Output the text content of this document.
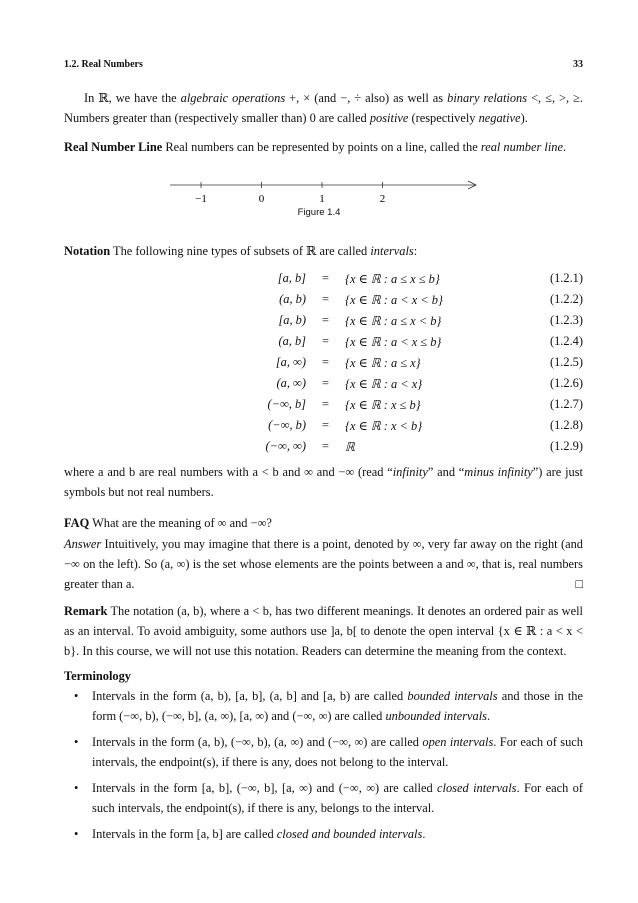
1.2. Real Numbers	33

In ℝ, we have the algebraic operations +, × (and −, ÷ also) as well as binary relations <, ≤, >, ≥. Numbers greater than (respectively smaller than) 0 are called positive (respectively negative).

Real Number Line Real numbers can be represented by points on a line, called the real number line.

−1	0	1	2
Figure 1.4

Notation The following nine types of subsets of ℝ are called intervals:

[a, b] = {x ∈ ℝ : a ≤ x ≤ b}	(1.2.1)
(a, b) = {x ∈ ℝ : a < x < b}	(1.2.2)
[a, b) = {x ∈ ℝ : a ≤ x < b}	(1.2.3)
(a, b] = {x ∈ ℝ : a < x ≤ b}	(1.2.4)
[a, ∞) = {x ∈ ℝ : a ≤ x}	(1.2.5)
(a, ∞) = {x ∈ ℝ : a < x}	(1.2.6)
(−∞, b] = {x ∈ ℝ : x ≤ b}	(1.2.7)
(−∞, b) = {x ∈ ℝ : x < b}	(1.2.8)
(−∞, ∞) = ℝ	(1.2.9)

where a and b are real numbers with a < b and ∞ and −∞ (read “infinity” and “minus infinity”) are just symbols but not real numbers.

FAQ What are the meaning of ∞ and −∞?

Answer Intuitively, you may imagine that there is a point, denoted by ∞, very far away on the right (and −∞ on the left). So (a, ∞) is the set whose elements are the points between a and ∞, that is, real numbers greater than a.	□

Remark The notation (a, b), where a < b, has two different meanings. It denotes an ordered pair as well as an interval. To avoid ambiguity, some authors use ]a, b[ to denote the open interval {x ∈ ℝ : a < x < b}. In this course, we will not use this notation. Readers can determine the meaning from the context.

Terminology

• Intervals in the form (a, b), [a, b], (a, b] and [a, b) are called bounded intervals and those in the form (−∞, b), (−∞, b], (a, ∞), [a, ∞) and (−∞, ∞) are called unbounded intervals.
• Intervals in the form (a, b), (−∞, b), (a, ∞) and (−∞, ∞) are called open intervals. For each of such intervals, the endpoint(s), if there is any, does not belong to the interval.
• Intervals in the form [a, b], (−∞, b], [a, ∞) and (−∞, ∞) are called closed intervals. For each of such intervals, the endpoint(s), if there is any, belongs to the interval.
• Intervals in the form [a, b] are called closed and bounded intervals.
